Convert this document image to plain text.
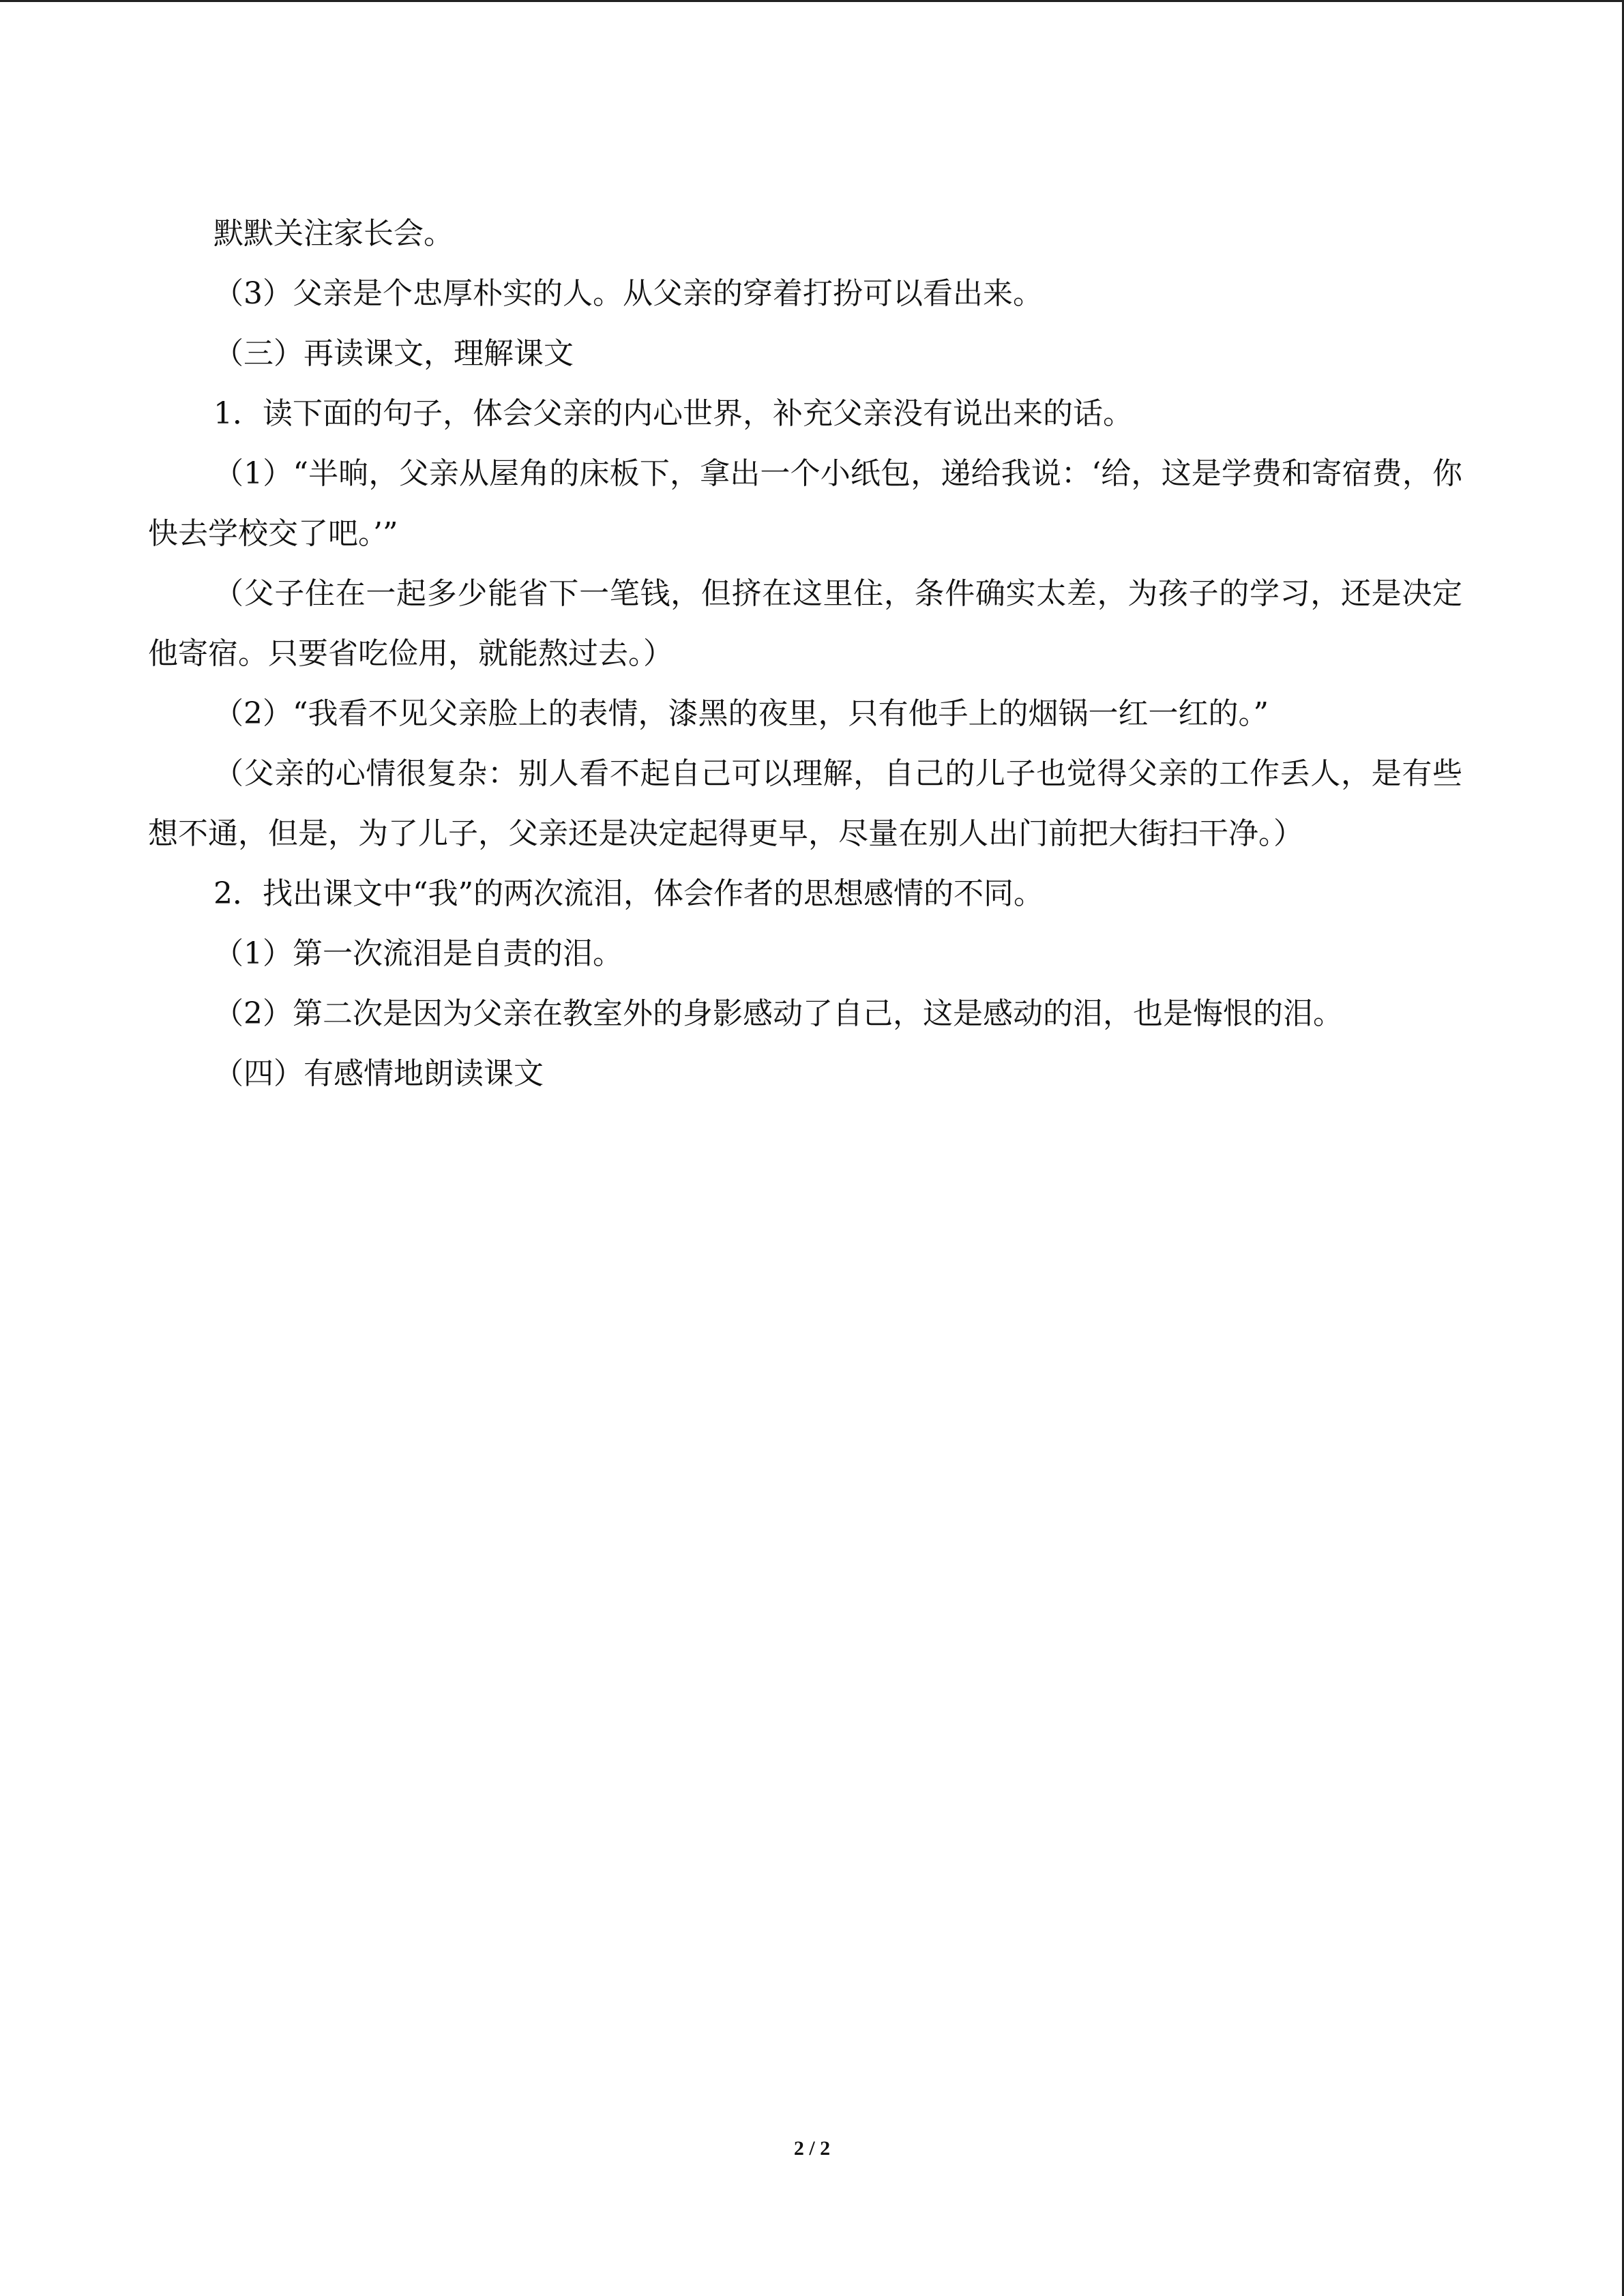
默默关注家长会。

（3）父亲是个忠厚朴实的人。从父亲的穿着打扮可以看出来。

（三）再读课文，理解课文

1．读下面的句子，体会父亲的内心世界，补充父亲没有说出来的话。

（1）“半晌，父亲从屋角的床板下，拿出一个小纸包，递给我说：‘给，这是学费和寄宿费，你快去学校交了吧。’”

（父子住在一起多少能省下一笔钱，但挤在这里住，条件确实太差，为孩子的学习，还是决定他寄宿。只要省吃俭用，就能熬过去。）

（2）“我看不见父亲脸上的表情，漆黑的夜里，只有他手上的烟锅一红一红的。”

（父亲的心情很复杂：别人看不起自己可以理解，自己的儿子也觉得父亲的工作丢人，是有些想不通，但是，为了儿子，父亲还是决定起得更早，尽量在别人出门前把大街扫干净。）

2．找出课文中“我”的两次流泪，体会作者的思想感情的不同。

（1）第一次流泪是自责的泪。

（2）第二次是因为父亲在教室外的身影感动了自己，这是感动的泪，也是悔恨的泪。

（四）有感情地朗读课文

2 / 2
